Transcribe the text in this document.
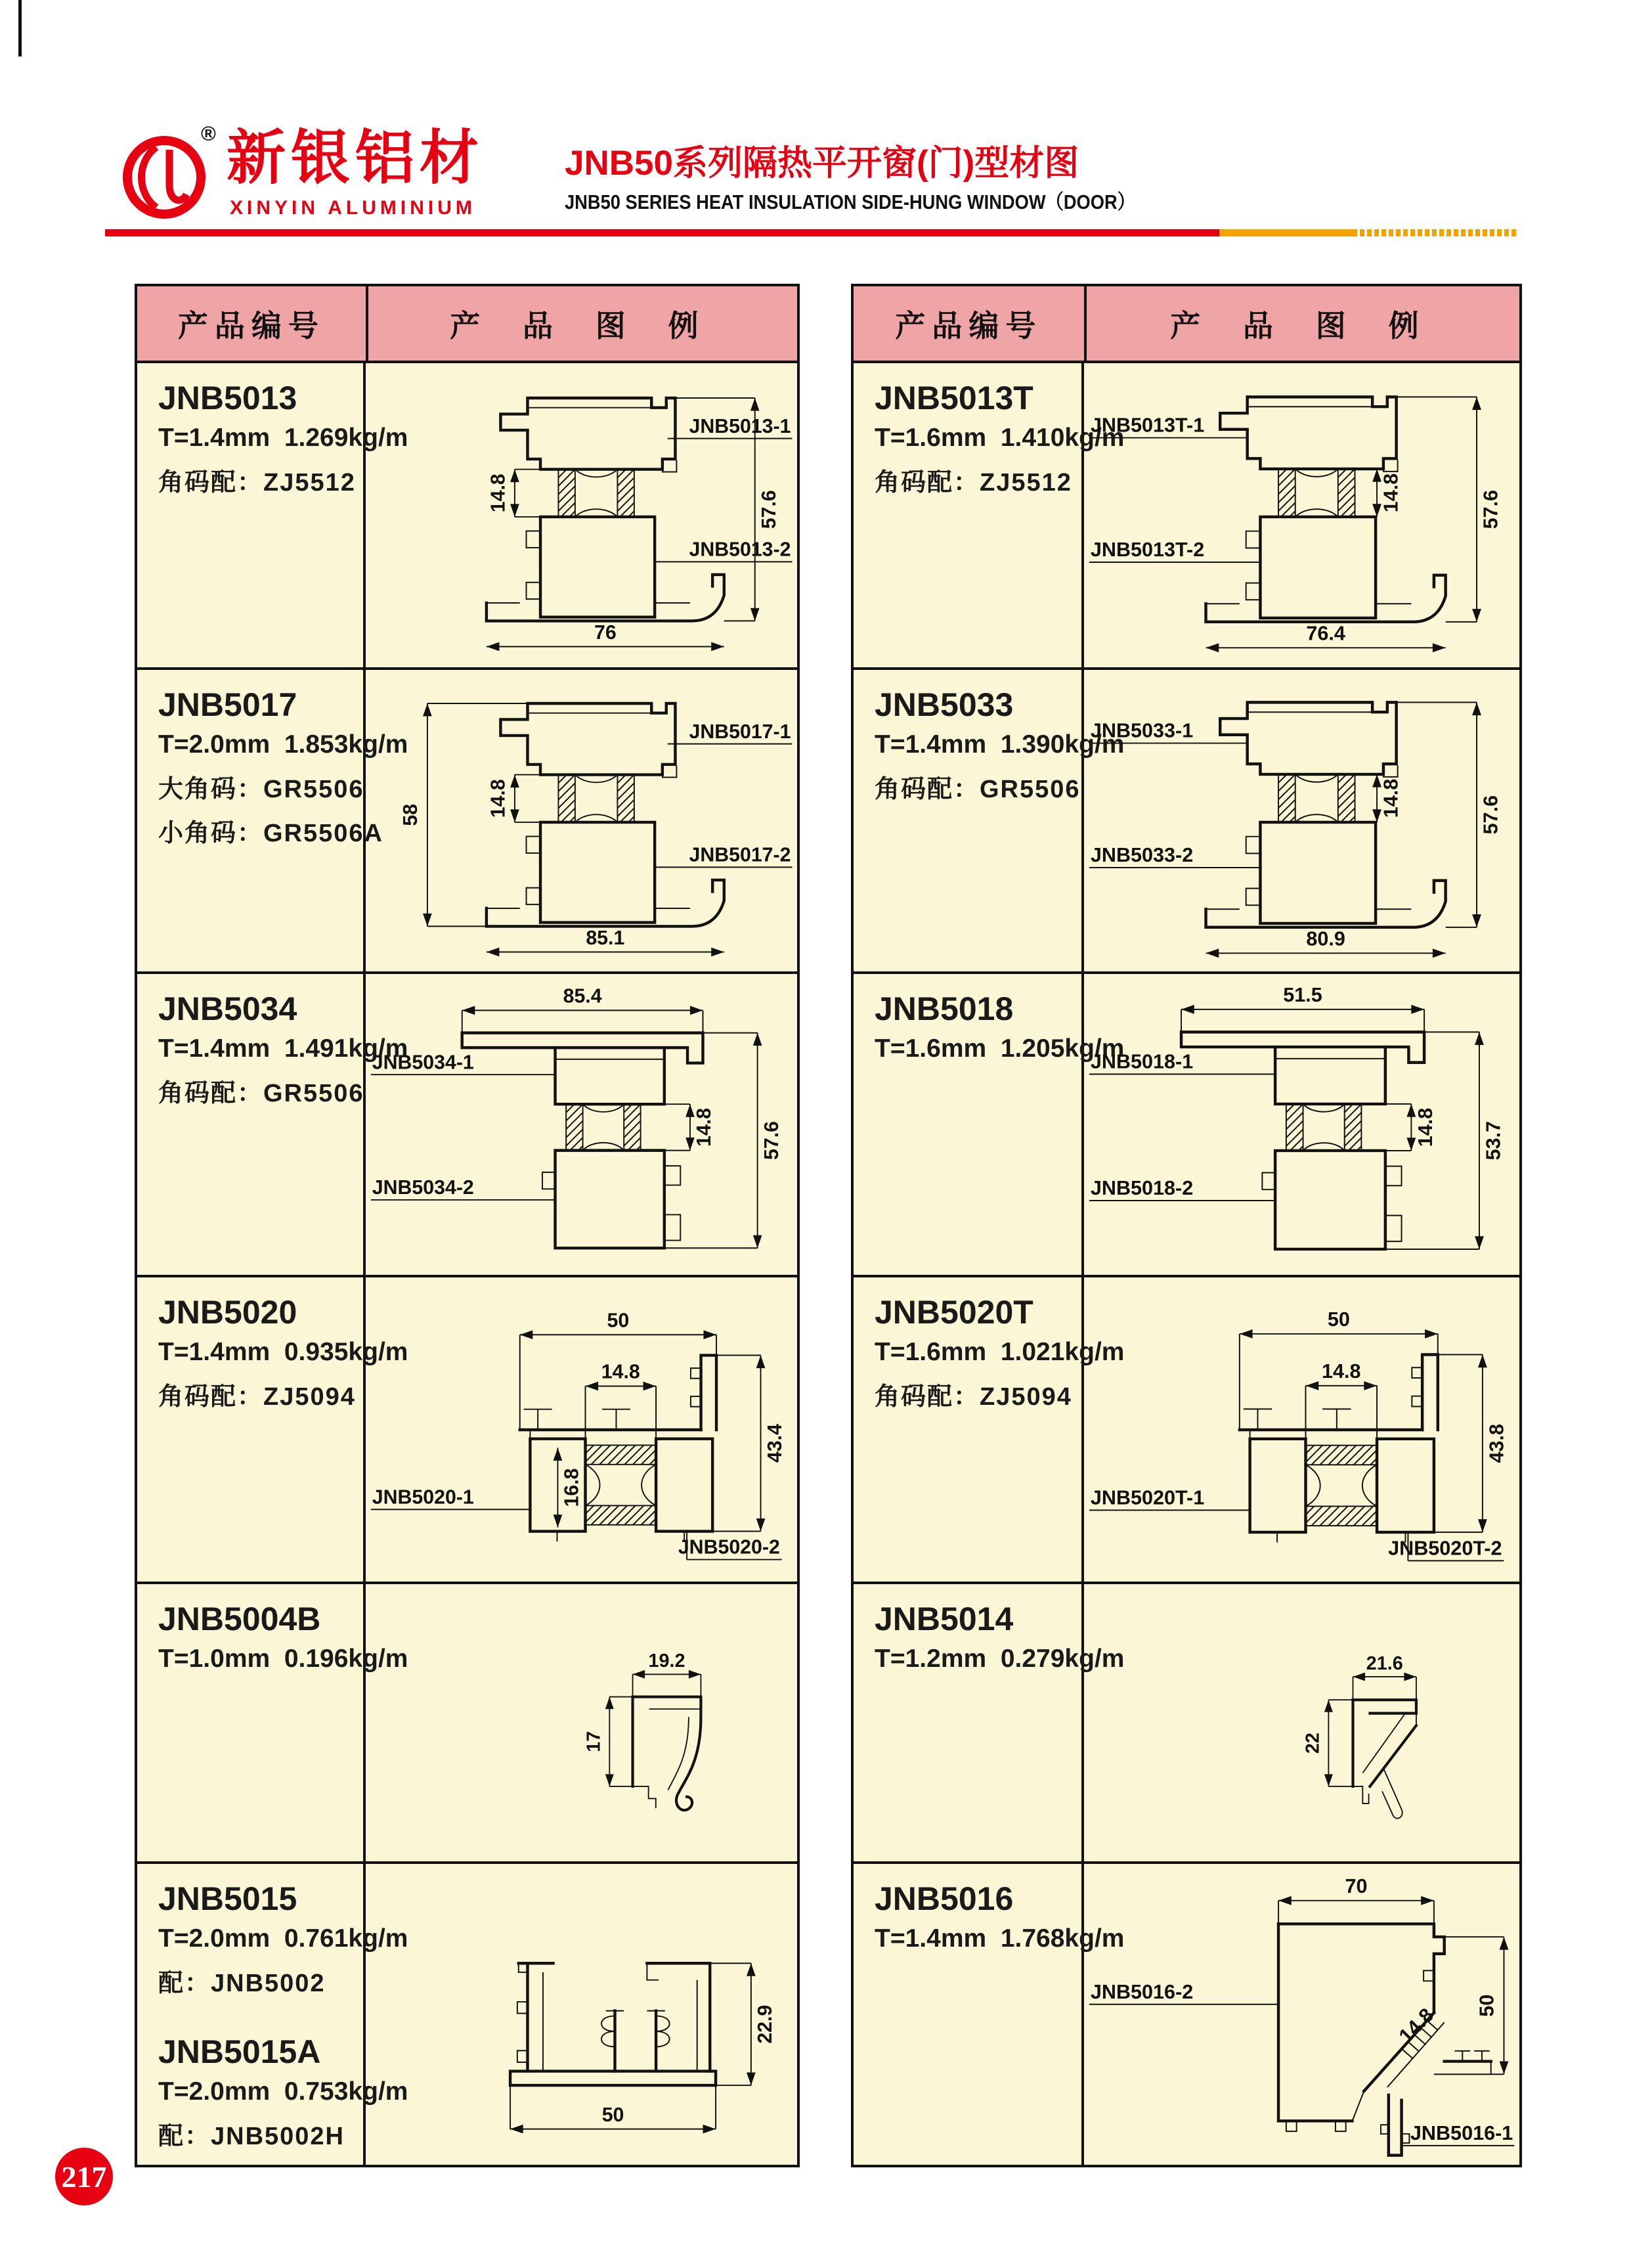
® 新银铝材
XINYIN ALUMINIUM
JNB50系列隔热平开窗(门)型材图
JNB50 SERIES HEAT INSULATION SIDE-HUNG WINDOW（DOOR）
产品编号	产 品 图 例
JNB5013
T=1.4mm  1.269kg/m
角码配：ZJ5512	14.8	57.6
76
JNB5013-1
JNB5013-2
JNB5017
T=2.0mm  1.853kg/m
大角码：GR5506
小角码：GR5506A
14.8
58
85.1
JNB5017-1
JNB5017-2
JNB5034
T=1.4mm  1.491kg/m
角码配：GR5506
85.4
14.8 57.6
JNB5034-1
JNB5034-2
JNB5020
T=1.4mm  0.935kg/m
角码配：ZJ5094
50
14.8
16.8
43.4
JNB5020-1
JNB5020-2
JNB5004B
T=1.0mm  0.196kg/m	19.2
17
JNB5015
T=2.0mm  0.761kg/m
配：JNB5002
JNB5015A
T=2.0mm  0.753kg/m
配：JNB5002H
22.9
50
产品编号	产 品 图 例
JNB5013T
T=1.6mm  1.410kg/m
角码配：ZJ5512	14.8	57.6
76.4
JNB5013T-1
JNB5013T-2
JNB5033
T=1.4mm  1.390kg/m
角码配：GR5506	14.8	57.6
80.9
JNB5033-1
JNB5033-2
JNB5018
T=1.6mm  1.205kg/m
51.5
14.8 53.7
JNB5018-1
JNB5018-2
JNB5020T
T=1.6mm  1.021kg/m
角码配：ZJ5094
50
14.8
43.8
JNB5020T-1
JNB5020T-2
JNB5014
T=1.2mm  0.279kg/m	21.6
22
JNB5016
T=1.4mm  1.768kg/m
70
50
14.8
JNB5016-2
JNB5016-1
217
